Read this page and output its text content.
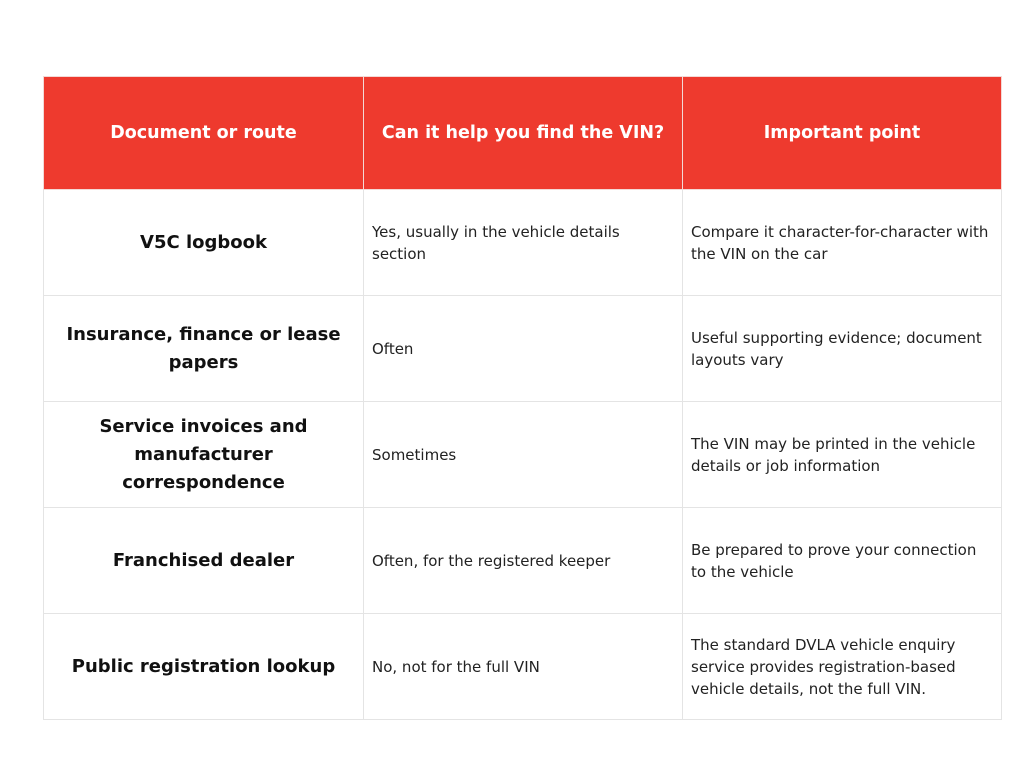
Document or route	Can it help you find the VIN?	Important point
V5C logbook	Yes, usually in the vehicle details section	Compare it character-for-character with the VIN on the car
Insurance, finance or lease papers	Often	Useful supporting evidence; document layouts vary
Service invoices and manufacturer correspondence	Sometimes	The VIN may be printed in the vehicle details or job information
Franchised dealer	Often, for the registered keeper	Be prepared to prove your connection to the vehicle
Public registration lookup	No, not for the full VIN	The standard DVLA vehicle enquiry service provides registration-based vehicle details, not the full VIN.
